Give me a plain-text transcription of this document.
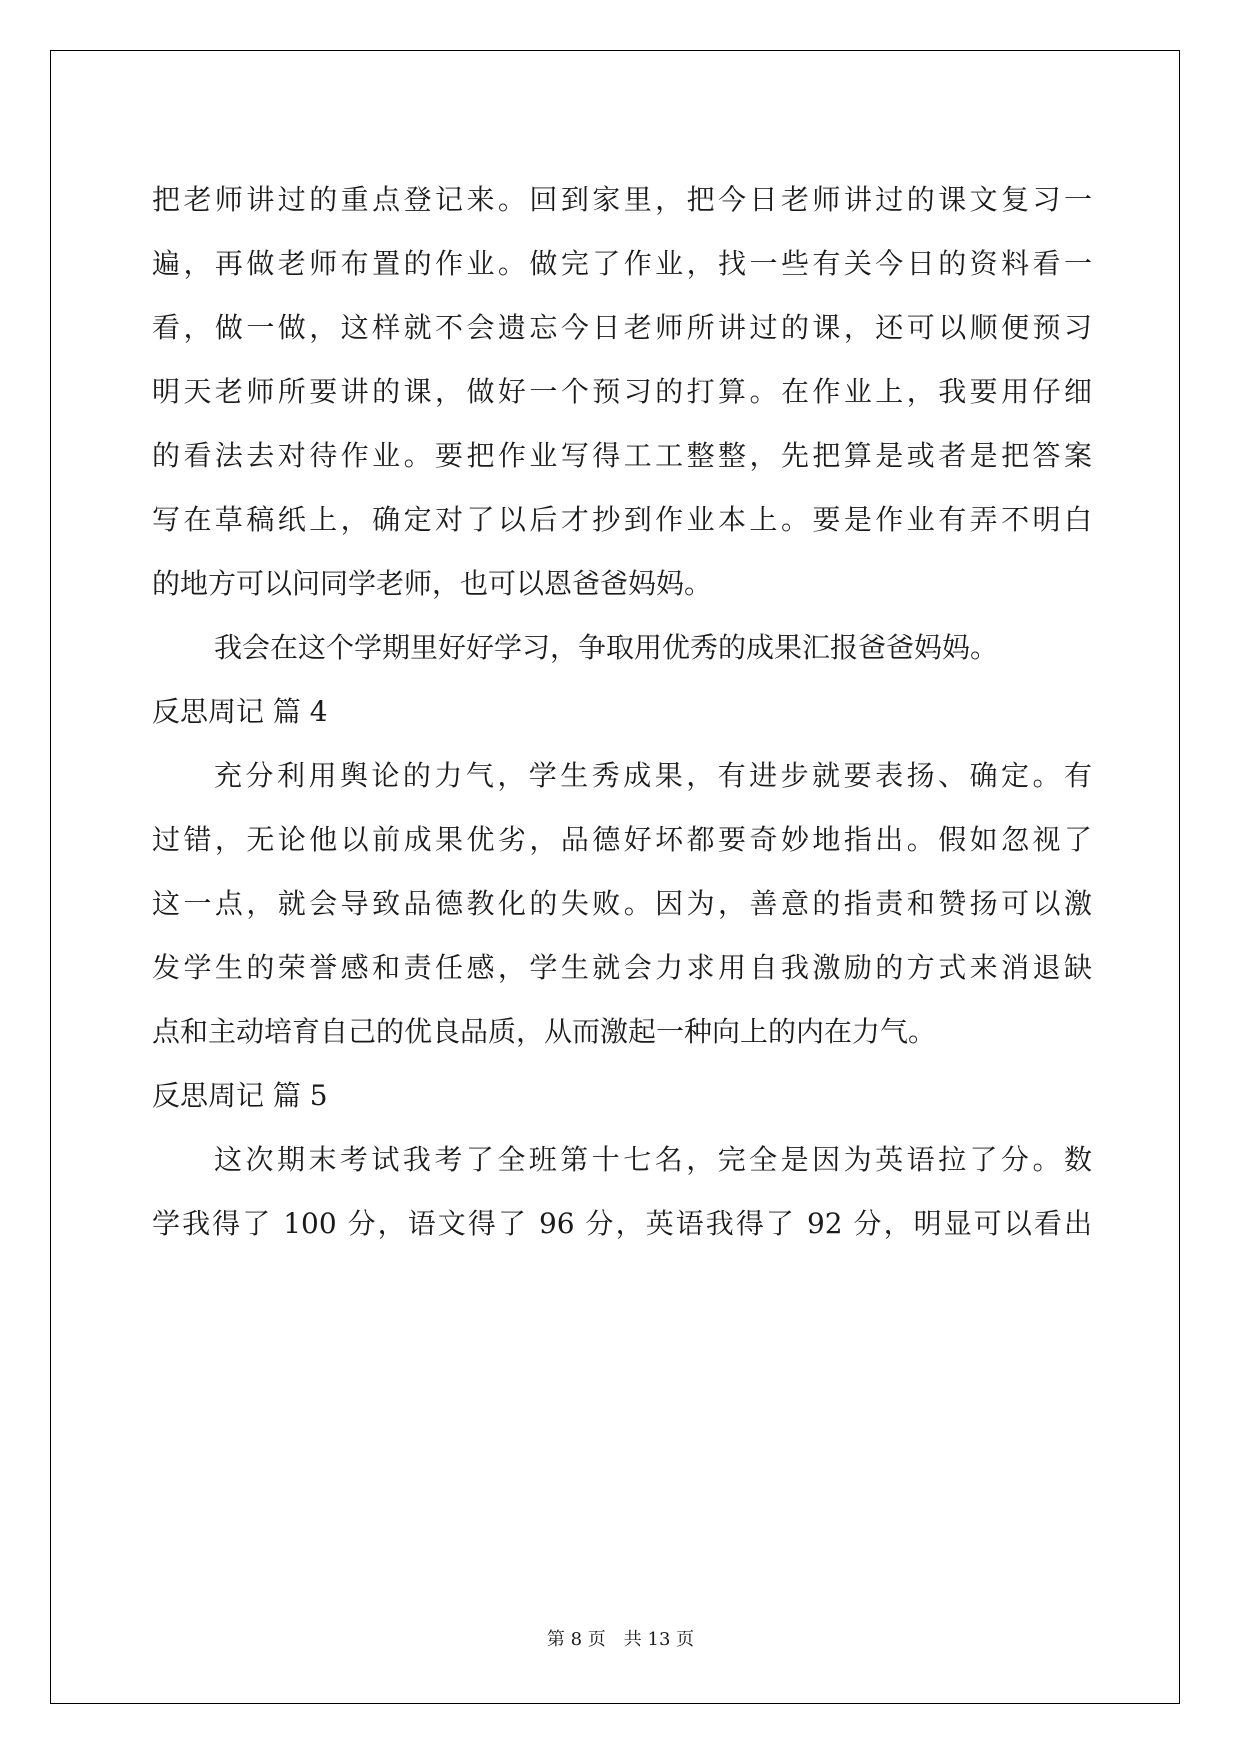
把老师讲过的重点登记来。回到家里，把今日老师讲过的课文复习一
遍，再做老师布置的作业。做完了作业，找一些有关今日的资料看一
看，做一做，这样就不会遗忘今日老师所讲过的课，还可以顺便预习
明天老师所要讲的课，做好一个预习的打算。在作业上，我要用仔细
的看法去对待作业。要把作业写得工工整整，先把算是或者是把答案
写在草稿纸上，确定对了以后才抄到作业本上。要是作业有弄不明白
的地方可以问同学老师，也可以恩爸爸妈妈。
我会在这个学期里好好学习，争取用优秀的成果汇报爸爸妈妈。
反思周记 篇 4
充分利用舆论的力气，学生秀成果，有进步就要表扬、确定。有
过错，无论他以前成果优劣，品德好坏都要奇妙地指出。假如忽视了
这一点，就会导致品德教化的失败。因为，善意的指责和赞扬可以激
发学生的荣誉感和责任感，学生就会力求用自我激励的方式来消退缺
点和主动培育自己的优良品质，从而激起一种向上的内在力气。
反思周记 篇 5
这次期末考试我考了全班第十七名，完全是因为英语拉了分。数
学我得了 100 分，语文得了 96 分，英语我得了 92 分，明显可以看出
第 8 页 共 13 页
